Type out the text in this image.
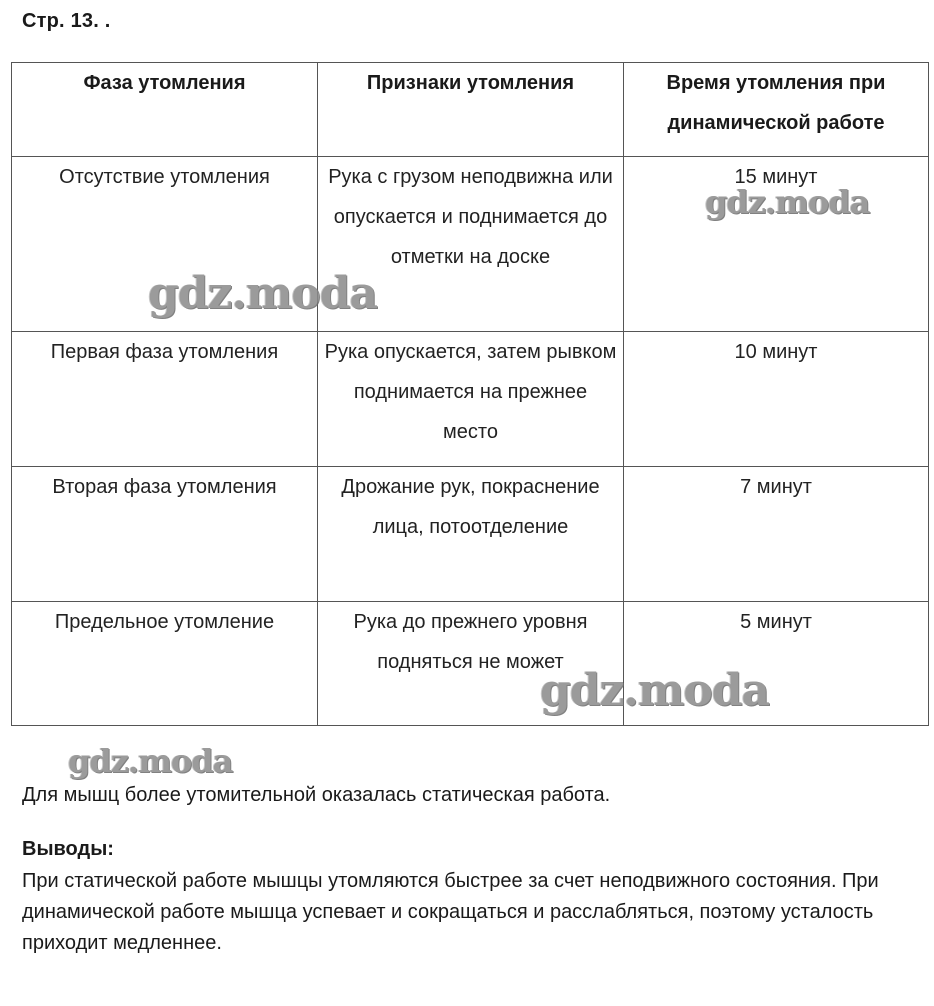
Стр. 13. .
Фаза утомления	Признаки утомления	Время утомления при динамической работе
Отсутствие утомления	Рука с грузом неподвижна или опускается и поднимается до отметки на доске	15 минут
Первая фаза утомления	Рука опускается, затем рывком поднимается на прежнее место	10 минут
Вторая фаза утомления	Дрожание рук, покраснение лица, потоотделение	7 минут
Предельное утомление	Рука до прежнего уровня подняться не может	5 минут
gdz.moda
gdz.moda
gdz.moda
gdz.moda
Для мышц более утомительной оказалась статическая работа.
Выводы:
При статической работе мышцы утомляются быстрее за счет неподвижного состояния. При динамической работе мышца успевает и сокращаться и расслабляться, поэтому усталость приходит медленнее.
